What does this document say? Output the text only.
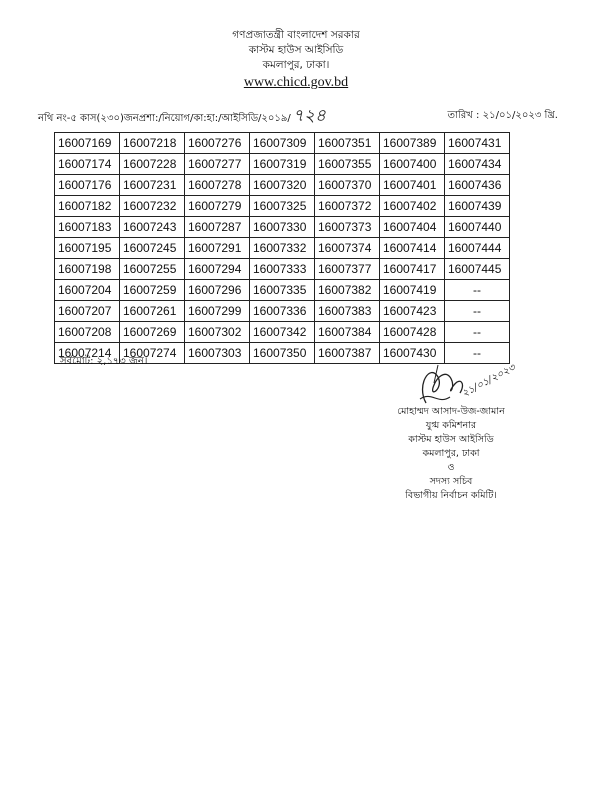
গণপ্রজাতন্ত্রী বাংলাদেশ সরকার
কাস্টম হাউস আইসিডি
কমলাপুর, ঢাকা।
www.chicd.gov.bd
নথি নং-৫ কাস(২৩০)জনপ্রশা:/নিয়োগ/কা:হা:/আইসিডি/২০১৯/ ৭২৪	তারিখ : ২১/০১/২০২৩ খ্রি.
16007169	16007218	16007276	16007309	16007351	16007389	16007431
16007174	16007228	16007277	16007319	16007355	16007400	16007434
16007176	16007231	16007278	16007320	16007370	16007401	16007436
16007182	16007232	16007279	16007325	16007372	16007402	16007439
16007183	16007243	16007287	16007330	16007373	16007404	16007440
16007195	16007245	16007291	16007332	16007374	16007414	16007444
16007198	16007255	16007294	16007333	16007377	16007417	16007445
16007204	16007259	16007296	16007335	16007382	16007419	--
16007207	16007261	16007299	16007336	16007383	16007423	--
16007208	16007269	16007302	16007342	16007384	16007428	--
16007214	16007274	16007303	16007350	16007387	16007430	--
সর্বমোট: ২,১৭৩ জন।
২১/০১/২০২৩
মোহাম্মদ আসাদ-উজ-জামান
যুগ্ম কমিশনার
কাস্টম হাউস আইসিডি
কমলাপুর, ঢাকা
ও
সদস্য সচিব
বিভাগীয় নির্বাচন কমিটি।
